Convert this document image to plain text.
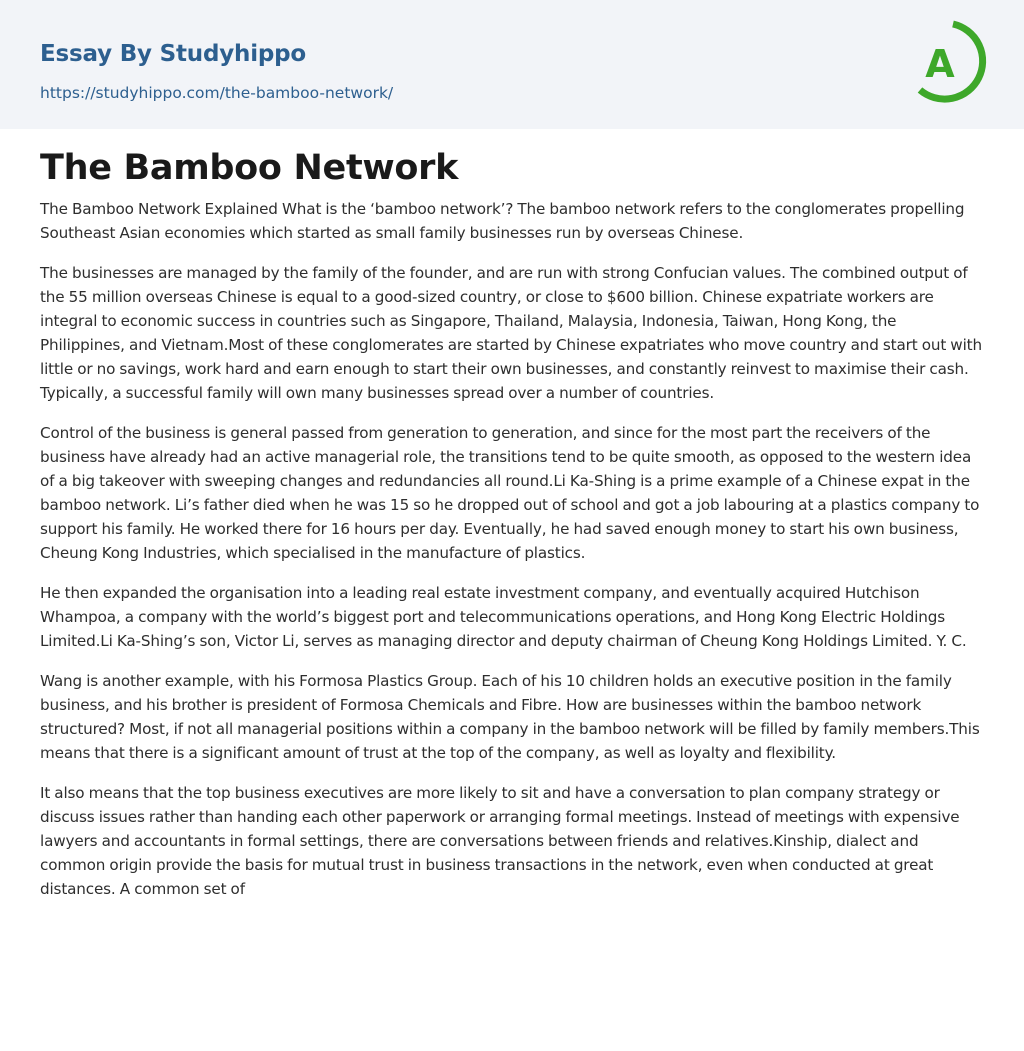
Essay By Studyhippo
https://studyhippo.com/the-bamboo-network/
A
The Bamboo Network

The Bamboo Network Explained What is the ‘bamboo network’? The bamboo network refers to the conglomerates propelling Southeast Asian economies which started as small family businesses run by overseas Chinese.

The businesses are managed by the family of the founder, and are run with strong Confucian values. The combined output of the 55 million overseas Chinese is equal to a good-sized country, or close to $600 billion. Chinese expatriate workers are integral to economic success in countries such as Singapore, Thailand, Malaysia, Indonesia, Taiwan, Hong Kong, the Philippines, and Vietnam.Most of these conglomerates are started by Chinese expatriates who move country and start out with little or no savings, work hard and earn enough to start their own businesses, and constantly reinvest to maximise their cash. Typically, a successful family will own many businesses spread over a number of countries.

Control of the business is general passed from generation to generation, and since for the most part the receivers of the business have already had an active managerial role, the transitions tend to be quite smooth, as opposed to the western idea of a big takeover with sweeping changes and redundancies all round.Li Ka-Shing is a prime example of a Chinese expat in the bamboo network. Li’s father died when he was 15 so he dropped out of school and got a job labouring at a plastics company to support his family. He worked there for 16 hours per day. Eventually, he had saved enough money to start his own business, Cheung Kong Industries, which specialised in the manufacture of plastics.

He then expanded the organisation into a leading real estate investment company, and eventually acquired Hutchison Whampoa, a company with the world’s biggest port and telecommunications operations, and Hong Kong Electric Holdings Limited.Li Ka-Shing’s son, Victor Li, serves as managing director and deputy chairman of Cheung Kong Holdings Limited. Y. C.

Wang is another example, with his Formosa Plastics Group. Each of his 10 children holds an executive position in the family business, and his brother is president of Formosa Chemicals and Fibre. How are businesses within the bamboo network structured? Most, if not all managerial positions within a company in the bamboo network will be filled by family members.This means that there is a significant amount of trust at the top of the company, as well as loyalty and flexibility.

It also means that the top business executives are more likely to sit and have a conversation to plan company strategy or discuss issues rather than handing each other paperwork or arranging formal meetings. Instead of meetings with expensive lawyers and accountants in formal settings, there are conversations between friends and relatives.Kinship, dialect and common origin provide the basis for mutual trust in business transactions in the network, even when conducted at great distances. A common set of
